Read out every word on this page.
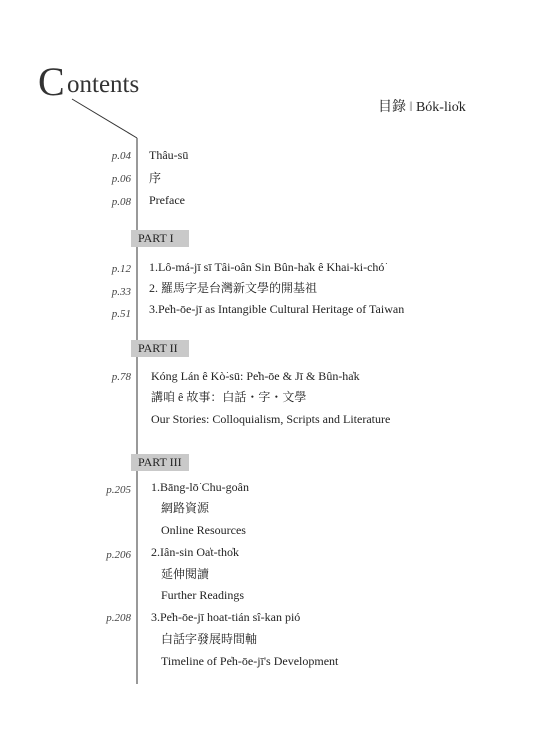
C ontents
目錄 ‖ Bók-lio̍k
p.04 Thâu-sū
p.06 序
p.08 Preface
PART I
p.12 1.Lô-má-jī sī Tâi-oân Sin Bûn-ha̍k ê Khai-ki-chó͘
p.33 2. 羅馬字是台灣新文學的開基祖
p.51 3.Pe̍h-ōe-jī as Intangible Cultural Heritage of Taiwan
PART II
p.78 Kóng Lán ê Kò͘-sū: Pe̍h-ōe & Jī & Bûn-ha̍k
講咱 ê 故事：白話・字・文學
Our Stories: Colloquialism, Scripts and Literature
PART III
p.205 1.Bāng-lō͘ Chu-goân
網路資源
Online Resources
p.206 2.Iân-sin Oa̍t-tho̍k
延伸閱讀
Further Readings
p.208 3.Pe̍h-ōe-jī hoat-tián sî-kan pió
白話字發展時間軸
Timeline of Pe̍h-ōe-jī's Development
